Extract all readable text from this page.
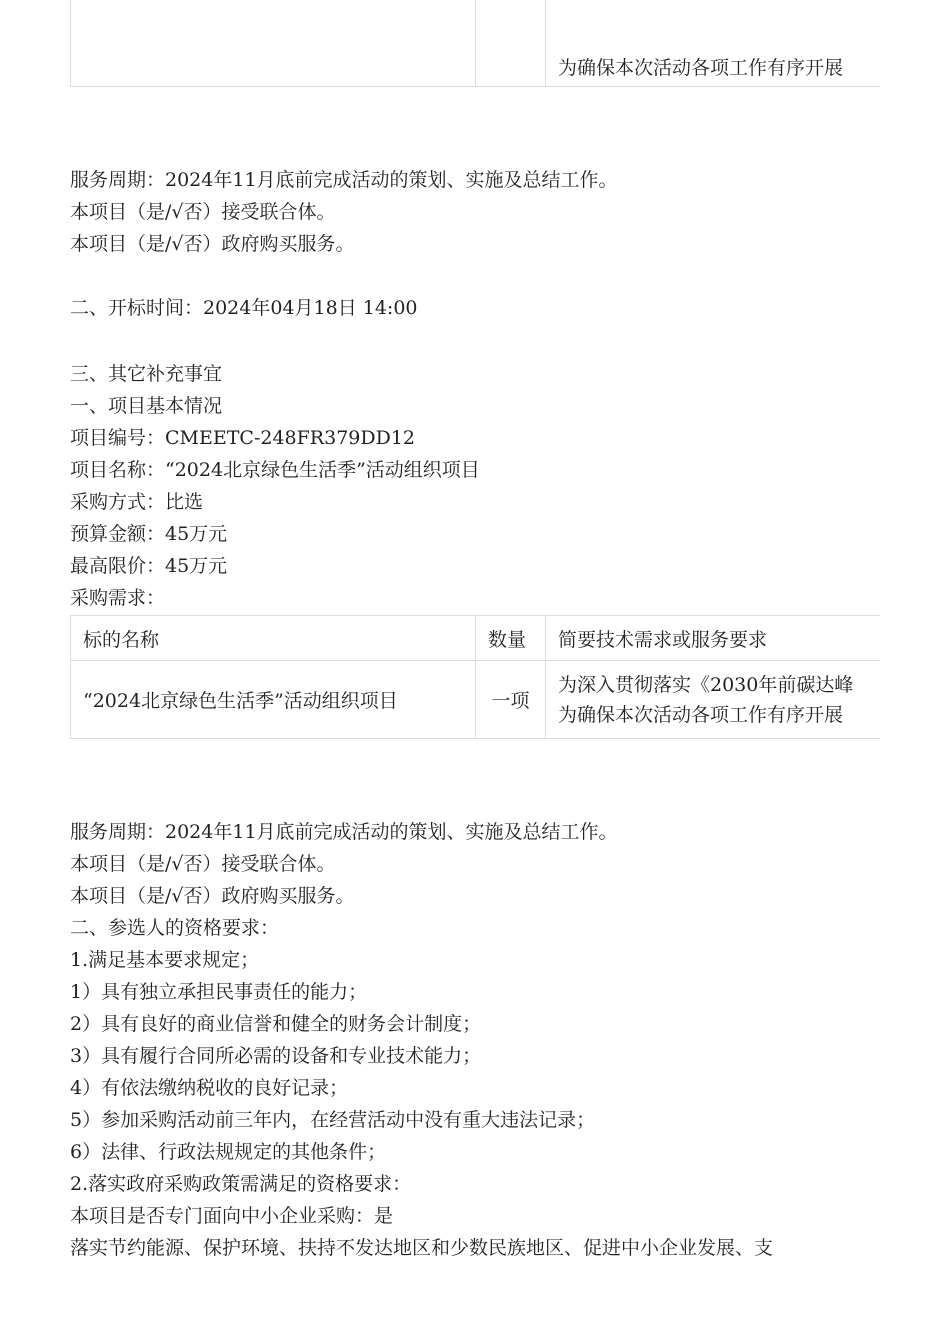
		为确保本次活动各项工作有序开展
服务周期：2024年11月底前完成活动的策划、实施及总结工作。
本项目（是/√否）接受联合体。
本项目（是/√否）政府购买服务。
二、开标时间：2024年04月18日 14:00
三、其它补充事宜
一、项目基本情况
项目编号：CMEETC-248FR379DD12
项目名称：“2024北京绿色生活季”活动组织项目
采购方式：比选
预算金额：45万元
最高限价：45万元
采购需求：
标的名称	数量	简要技术需求或服务要求
“2024北京绿色生活季”活动组织项目	一项	为深入贯彻落实《2030年前碳达峰
为确保本次活动各项工作有序开展
服务周期：2024年11月底前完成活动的策划、实施及总结工作。
本项目（是/√否）接受联合体。
本项目（是/√否）政府购买服务。
二、参选人的资格要求：
1.满足基本要求规定；
1）具有独立承担民事责任的能力；
2）具有良好的商业信誉和健全的财务会计制度；
3）具有履行合同所必需的设备和专业技术能力；
4）有依法缴纳税收的良好记录；
5）参加采购活动前三年内，在经营活动中没有重大违法记录；
6）法律、行政法规规定的其他条件；
2.落实政府采购政策需满足的资格要求：
本项目是否专门面向中小企业采购：是
落实节约能源、保护环境、扶持不发达地区和少数民族地区、促进中小企业发展、支
